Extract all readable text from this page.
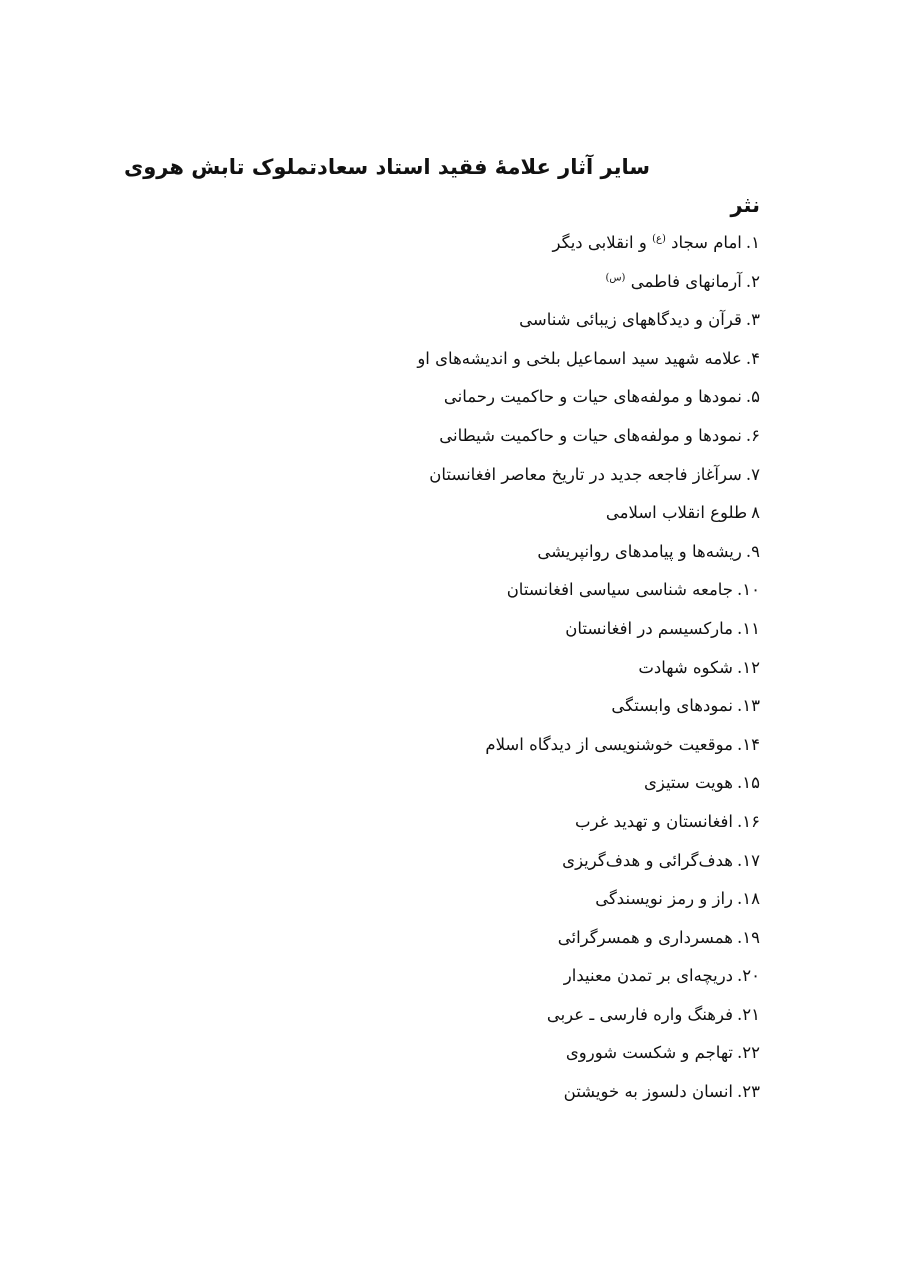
سایر آثار علامهٔ فقید استاد سعادتملوک تابش هروی
نثر
۱.امام سجاد $^{(ع)}$ و انقلابی دیگر
۲.آرمانهای فاطمی $^{(س)}$
۳.قرآن و دیدگاههای زیبائی شناسی
۴.علامه شهید سید اسماعیل بلخی و اندیشه‌های او
۵.نمودها و مولفه‌های حیات و حاکمیت رحمانی
۶.نمودها و مولفه‌های حیات و حاکمیت شیطانی
۷.سرآغاز فاجعه جدید در تاریخ معاصر افغانستان
۸طلوع انقلاب اسلامی
۹.ریشه‌ها و پیامدهای روانپریشی
۱۰.جامعه شناسی سیاسی افغانستان
۱۱.مارکسیسم در افغانستان
۱۲.شکوه شهادت
۱۳.نمودهای وابستگی
۱۴.موقعیت خوشنویسی از دیدگاه اسلام
۱۵.هویت ستیزی
۱۶.افغانستان و تهدید غرب
۱۷.هدف‌گرائی و هدف‌گریزی
۱۸.راز و رمز نویسندگی
۱۹.همسرداری و همسرگرائی
۲۰.دریچه‌ای بر تمدن معنیدار
۲۱.فرهنگ واره فارسی ـ عربی
۲۲.تهاجم و شکست شوروی
۲۳.انسان دلسوز به خویشتن
